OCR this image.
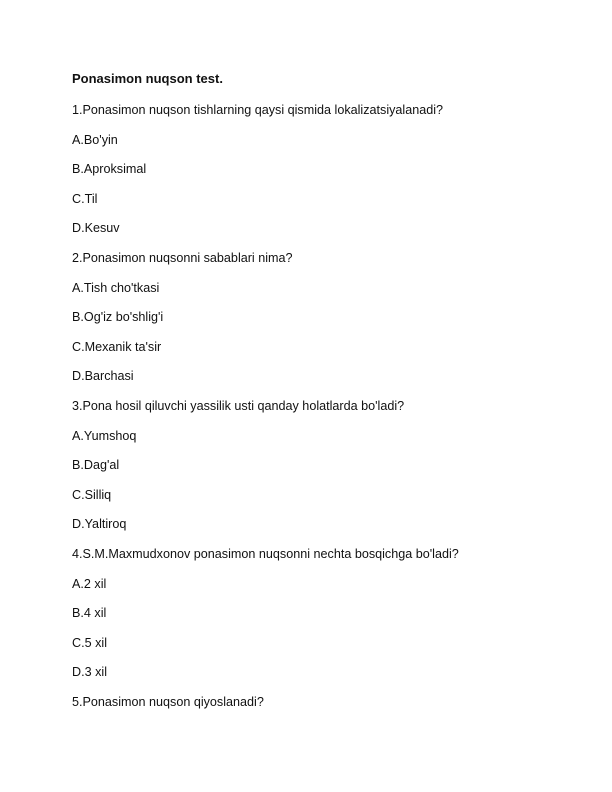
Ponasimon nuqson test.
1.Ponasimon nuqson tishlarning qaysi qismida lokalizatsiyalanadi?
A.Bo'yin
B.Aproksimal
C.Til
D.Kesuv
2.Ponasimon nuqsonni sabablari nima?
A.Tish cho'tkasi
B.Og'iz bo'shlig'i
C.Mexanik ta'sir
D.Barchasi
3.Pona hosil qiluvchi yassilik usti qanday holatlarda bo'ladi?
A.Yumshoq
B.Dag'al
C.Silliq
D.Yaltiroq
4.S.M.Maxmudxonov ponasimon nuqsonni nechta bosqichga bo'ladi?
A.2 xil
B.4 xil
C.5 xil
D.3 xil
5.Ponasimon nuqson qiyoslanadi?
